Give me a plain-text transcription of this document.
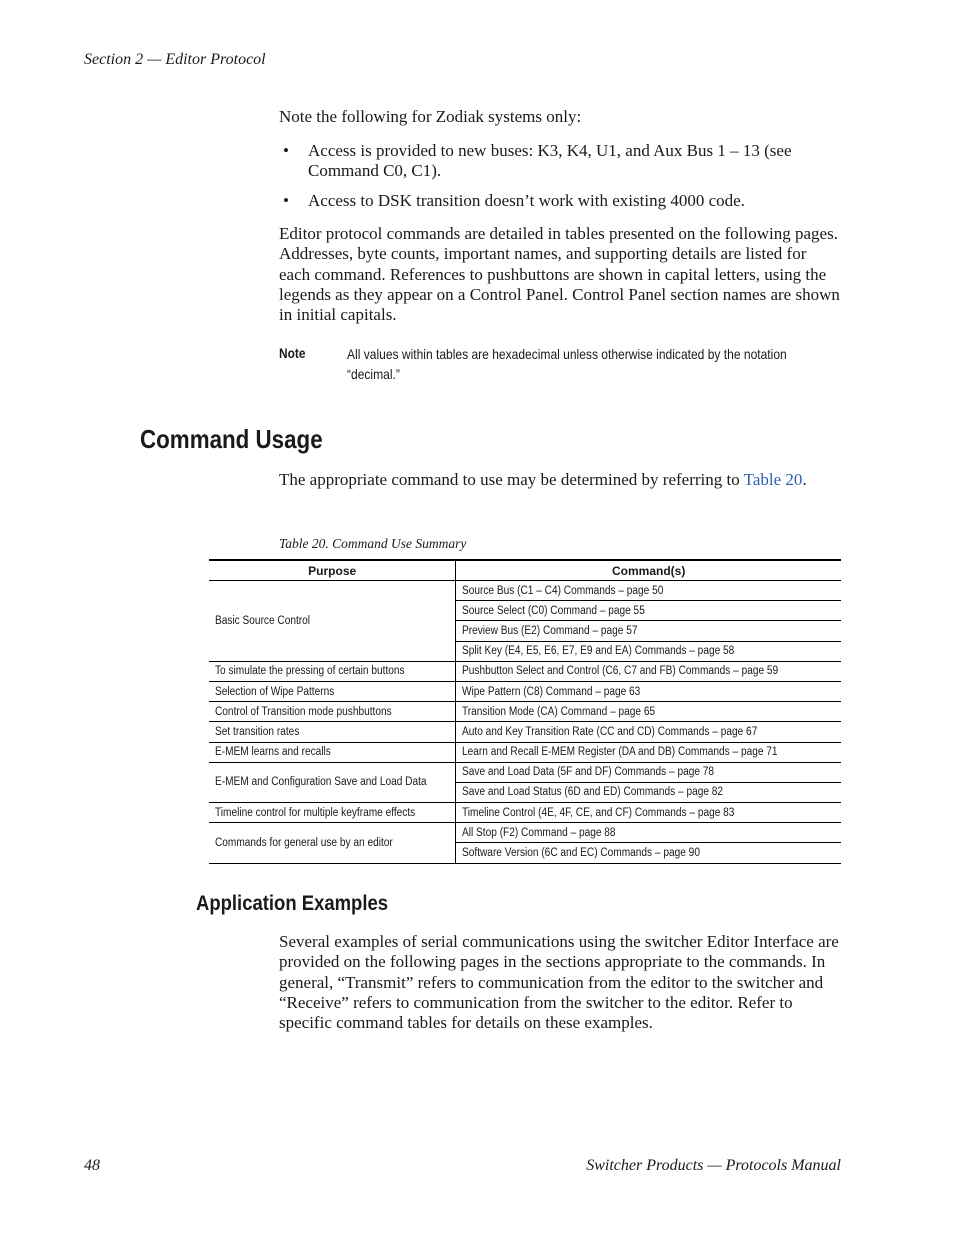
Section 2 — Editor Protocol
Note the following for Zodiak systems only:
• Access is provided to new buses: K3, K4, U1, and Aux Bus 1 – 13 (see Command C0, C1).
• Access to DSK transition doesn’t work with existing 4000 code.
Editor protocol commands are detailed in tables presented on the following pages. Addresses, byte counts, important names, and supporting details are listed for each command. References to pushbuttons are shown in capital letters, using the legends as they appear on a Control Panel. Control Panel section names are shown in initial capitals.
Note	All values within tables are hexadecimal unless otherwise indicated by the notation “decimal.”
Command Usage
The appropriate command to use may be determined by referring to Table 20.
Table 20. Command Use Summary
Purpose	Command(s)
Basic Source Control	Source Bus (C1 – C4) Commands – page 50
	Source Select (C0) Command – page 55
	Preview Bus (E2) Command – page 57
	Split Key (E4, E5, E6, E7, E9 and EA) Commands – page 58
To simulate the pressing of certain buttons	Pushbutton Select and Control (C6, C7 and FB) Commands – page 59
Selection of Wipe Patterns	Wipe Pattern (C8) Command – page 63
Control of Transition mode pushbuttons	Transition Mode (CA) Command – page 65
Set transition rates	Auto and Key Transition Rate (CC and CD) Commands – page 67
E-MEM learns and recalls	Learn and Recall E-MEM Register (DA and DB) Commands – page 71
E-MEM and Configuration Save and Load Data	Save and Load Data (5F and DF) Commands – page 78
	Save and Load Status (6D and ED) Commands – page 82
Timeline control for multiple keyframe effects	Timeline Control (4E, 4F, CE, and CF) Commands – page 83
Commands for general use by an editor	All Stop (F2) Command – page 88
	Software Version (6C and EC) Commands – page 90
Application Examples
Several examples of serial communications using the switcher Editor Interface are provided on the following pages in the sections appropriate to the commands. In general, “Transmit” refers to communication from the editor to the switcher and “Receive” refers to communication from the switcher to the editor. Refer to specific command tables for details on these examples.
48	Switcher Products — Protocols Manual
